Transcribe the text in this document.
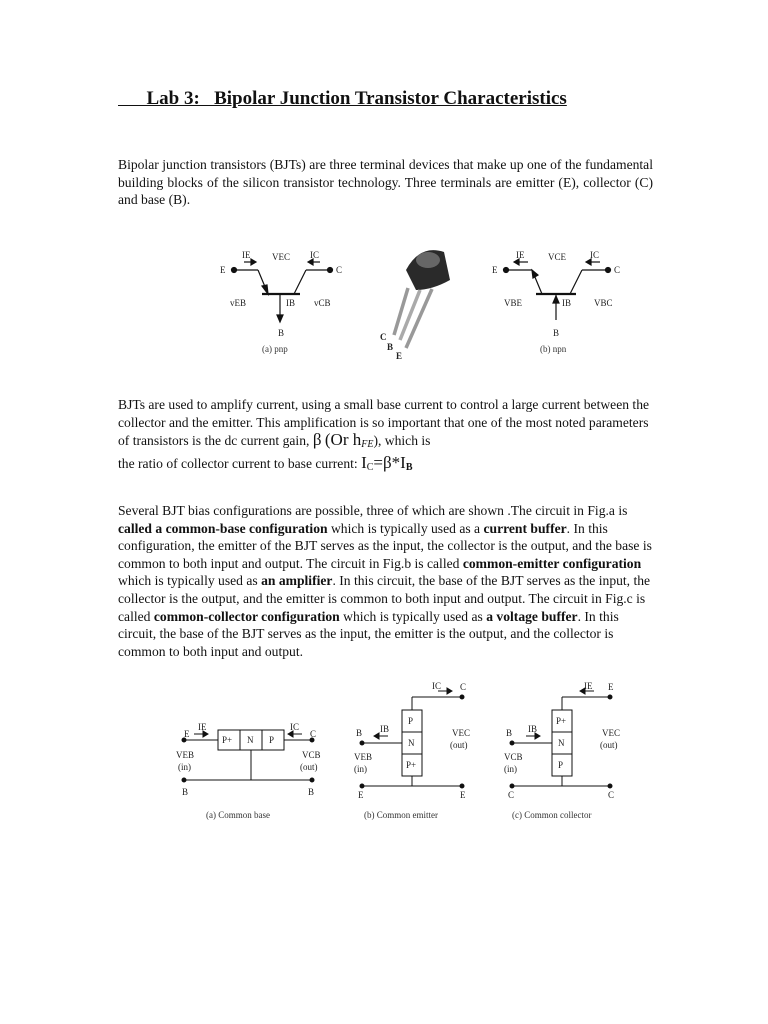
Lab 3:   Bipolar Junction Transistor Characteristics
Bipolar junction transistors (BJTs) are three terminal devices that make up one of the fundamental building blocks of the silicon transistor technology. Three terminals are emitter (E), collector (C) and base (B).
E	C
B
IE VEC IC
vEB	IB vCB
(a) pnp
C
B
E
E	C
B
IE	VCE	IC
VBE	IB	VBC
(b) npn
BJTs are used to amplify current, using a small base current to control a large current between the collector and the emitter. This amplification is so important that one of the most noted parameters of transistors is the dc current gain, β (Or $h_{FE}$), which is
the ratio of collector current to base current: $I_C=\beta*I_B$
Several BJT bias configurations are possible, three of which are shown .The circuit in Fig.a is called a common-base configuration which is typically used as a current buffer. In this configuration, the emitter of the BJT serves as the input, the collector is the output, and the base is common to both input and output. The circuit in Fig.b is called common-emitter configuration which is typically used as an amplifier. In this circuit, the base of the BJT serves as the input, the collector is the output, and the emitter is common to both input and output. The circuit in Fig.c is called common-collector configuration which is typically used as a voltage buffer. In this circuit, the base of the BJT serves as the input, the emitter is the output, and the collector is common to both input and output.
E	C
IE	IC
P+ N P
VEB
(in)
VCB
(out)
B	B
(a) Common base
IC C
B IB
P
N
P+
VEC
(out)
VEB
(in)
E	E
(b) Common emitter
IE E
B IB
P+
N
P
VEC
(out)
VCB
(in)
C	C
(c) Common collector
